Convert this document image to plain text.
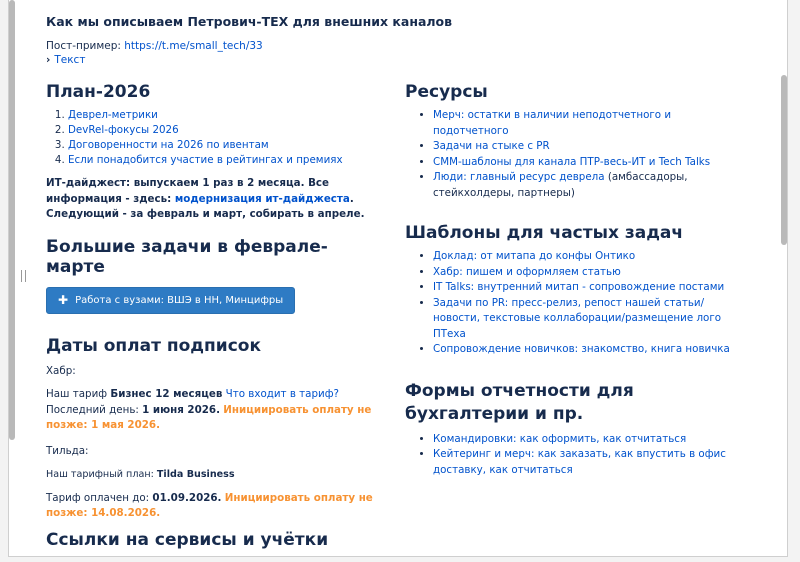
Как мы описываем Петрович-ТЕХ для внешних каналов
Пост-пример: https://t.me/small_tech/33
› Текст
План-2026
1. Деврел-метрики
2. DevRel-фокусы 2026
3. Договоренности на 2026 по ивентам
4. Если понадобится участие в рейтингах и премиях
ИТ-дайджест: выпускаем 1 раз в 2 месяца. Все информация - здесь: модернизация ит-дайджеста. Следующий - за февраль и март, собирать в апреле.
Большие задачи в феврале-марте
✚ Работа с вузами: ВШЭ в НН, Минцифры
Даты оплат подписок

Хабр:

Наш тариф Бизнес 12 месяцев Что входит в тариф?

Последний день: 1 июня 2026. Инициировать оплату не позже: 1 мая 2026.

Тильда:

Наш тарифный план: Tilda Business

Тариф оплачен до: 01.09.2026. Инициировать оплату не позже: 14.08.2026.

Ссылки на сервисы и учётки
Ресурсы
• Мерч: остатки в наличии неподотчетного и подотчетного
• Задачи на стыке с PR
• СММ-шаблоны для канала ПТР-весь-ИТ и Tech Talks
• Люди: главный ресурс деврела (амбассадоры, стейкхолдеры, партнеры)
Шаблоны для частых задач
• Доклад: от митапа до конфы Онтико
• Хабр: пишем и оформляем статью
• IT Talks: внутренний митап - сопровождение постами
• Задачи по PR: пресс-релиз, репост нашей статьи/новости, текстовые коллаборации/размещение лого ПТеха
• Сопровождение новичков: знакомство, книга новичка
Формы отчетности для бухгалтерии и пр.
• Командировки: как оформить, как отчитаться
• Кейтеринг и мерч: как заказать, как впустить в офис доставку, как отчитаться
